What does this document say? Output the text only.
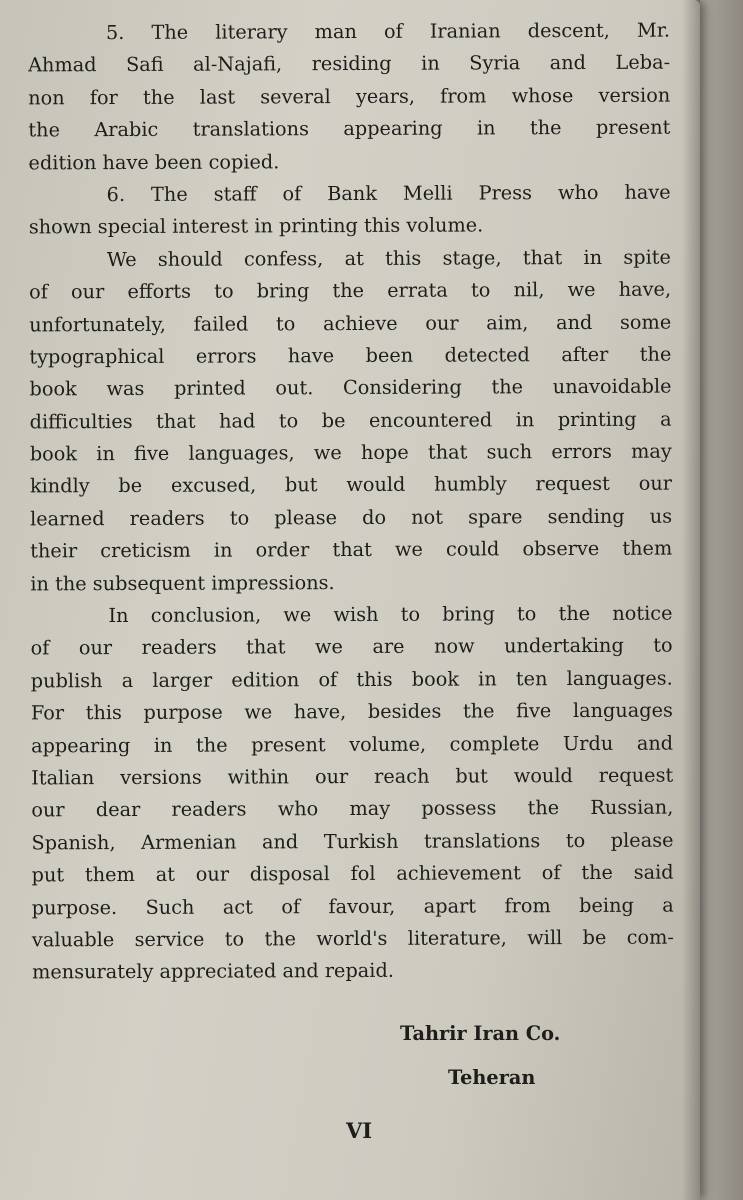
5. The literary man of Iranian descent, Mr.
Ahmad Safi al-Najafi, residing in Syria and Leba-
non for the last several years, from whose version
the Arabic translations appearing in the present
edition have been copied.
6. The staff of Bank Melli Press who have
shown special interest in printing this volume.
We should confess, at this stage, that in spite
of our efforts to bring the errata to nil, we have,
unfortunately, failed to achieve our aim, and some
typographical errors have been detected after the
book was printed out. Considering the unavoidable
difficulties that had to be encountered in printing a
book in five languages, we hope that such errors may
kindly be excused, but would humbly request our
learned readers to please do not spare sending us
their creticism in order that we could observe them
in the subsequent impressions.
In conclusion, we wish to bring to the notice
of our readers that we are now undertaking to
publish a larger edition of this book in ten languages.
For this purpose we have, besides the five languages
appearing in the present volume, complete Urdu and
Italian versions within our reach but would request
our dear readers who may possess the Russian,
Spanish, Armenian and Turkish translations to please
put them at our disposal fol achievement of the said
purpose. Such act of favour, apart from being a
valuable service to the world's literature, will be com-
mensurately appreciated and repaid.
Tahrir Iran Co.
Teheran
VI
